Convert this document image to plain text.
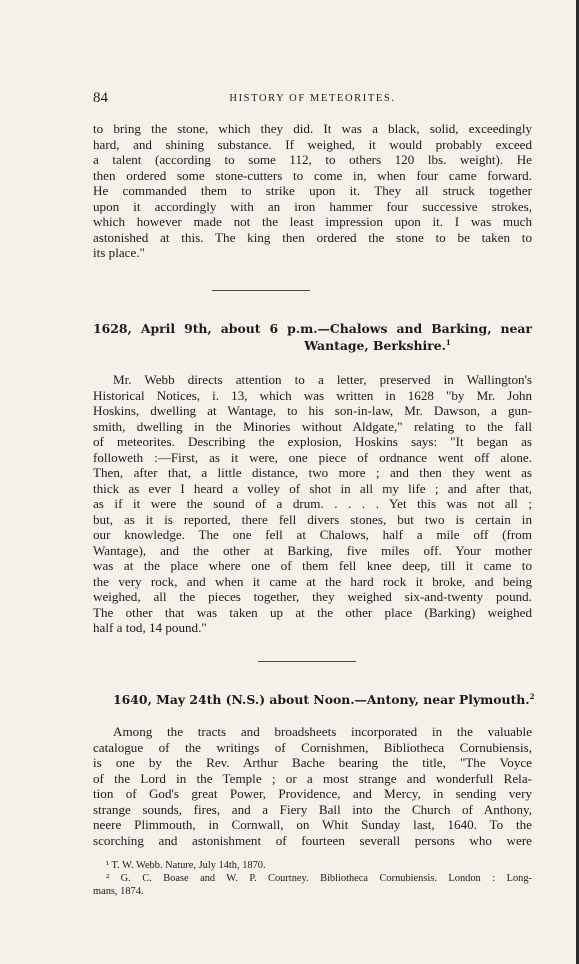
84	HISTORY OF METEORITES.

to bring the stone, which they did. It was a black, solid, exceedingly
hard, and shining substance. If weighed, it would probably exceed
a talent (according to some 112, to others 120 lbs. weight). He
then ordered some stone-cutters to come in, when four came forward.
He commanded them to strike upon it. They all struck together
upon it accordingly with an iron hammer four successive strokes,
which however made not the least impression upon it. I was much
astonished at this. The king then ordered the stone to be taken to
its place."

1628, April 9th, about 6 p.m.—Chalows and Barking, near
Wantage, Berkshire.$^1$

Mr. Webb directs attention to a letter, preserved in Wallington's
Historical Notices, i. 13, which was written in 1628 "by Mr. John
Hoskins, dwelling at Wantage, to his son-in-law, Mr. Dawson, a gun-
smith, dwelling in the Minories without Aldgate," relating to the fall
of meteorites. Describing the explosion, Hoskins says: "It began as
followeth :—First, as it were, one piece of ordnance went off alone.
Then, after that, a little distance, two more ; and then they went as
thick as ever I heard a volley of shot in all my life ; and after that,
as if it were the sound of a drum. . . . . Yet this was not all ;
but, as it is reported, there fell divers stones, but two is certain in
our knowledge. The one fell at Chalows, half a mile off (from
Wantage), and the other at Barking, five miles off. Your mother
was at the place where one of them fell knee deep, till it came to
the very rock, and when it came at the hard rock it broke, and being
weighed, all the pieces together, they weighed six-and-twenty pound.
The other that was taken up at the other place (Barking) weighed
half a tod, 14 pound."

1640, May 24th (N.S.) about Noon.—Antony, near Plymouth.$^2$

Among the tracts and broadsheets incorporated in the valuable
catalogue of the writings of Cornishmen, Bibliotheca Cornubiensis,
is one by the Rev. Arthur Bache bearing the title, "The Voyce
of the Lord in the Temple ; or a most strange and wonderfull Rela-
tion of God's great Power, Providence, and Mercy, in sending very
strange sounds, fires, and a Fiery Ball into the Church of Anthony,
neere Plimmouth, in Cornwall, on Whit Sunday last, 1640. To the
scorching and astonishment of fourteen severall persons who were

¹ T. W. Webb. Nature, July 14th, 1870.
² G. C. Boase and W. P. Courtney. Bibliotheca Cornubiensis. London : Long-
mans, 1874.
